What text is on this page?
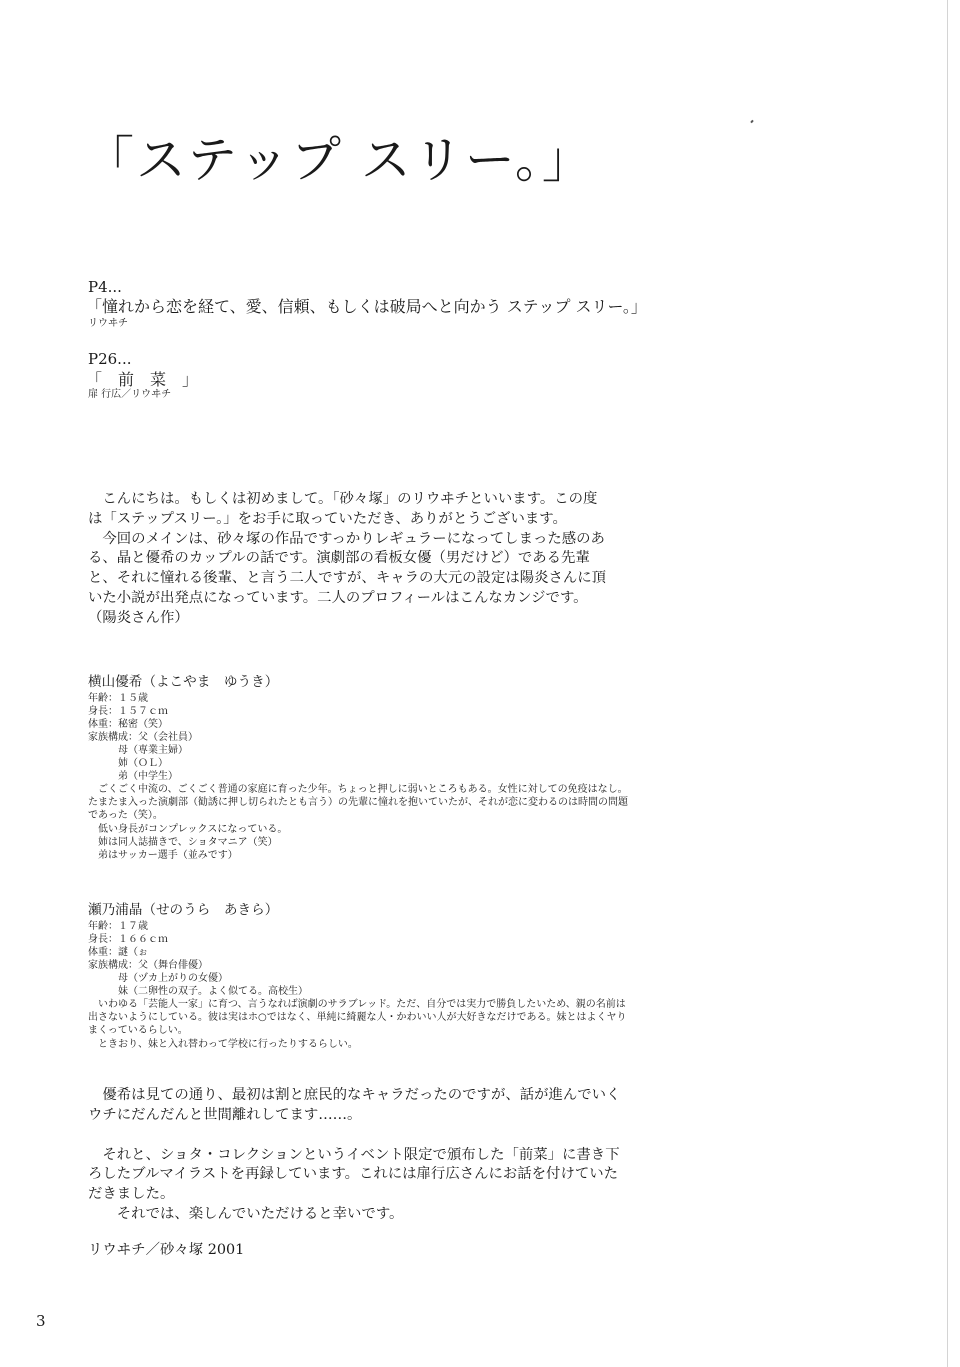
「ステップ スリー。」
P4...
「憧れから恋を経て、愛、信頼、もしくは破局へと向かう ステップ スリー。」
リウヰチ
P26...
「　前　菜　」
扉 行広／リウヰチ

　こんにちは。もしくは初めまして。「砂々塚」のリウヰチといいます。この度は「ステップスリー。」をお手に取っていただき、ありがとうございます。

　今回のメインは、砂々塚の作品ですっかりレギュラーになってしまった感のある、晶と優希のカップルの話です。演劇部の看板女優（男だけど）である先輩と、それに憧れる後輩、と言う二人ですが、キャラの大元の設定は陽炎さんに頂いた小説が出発点になっています。二人のプロフィールはこんなカンジです。（陽炎さん作）

横山優希（よこやま　ゆうき）
年齢：１５歳
身長：１５７ｃｍ
体重：秘密（笑）
家族構成：父（会社員）
母（専業主婦）
姉（ＯＬ）
弟（中学生）

　ごくごく中流の、ごくごく普通の家庭に育った少年。ちょっと押しに弱いところもある。女性に対しての免疫はなし。たまたま入った演劇部（勧誘に押し切られたとも言う）の先輩に憧れを抱いていたが、それが恋に変わるのは時間の問題であった（笑）。

　低い身長がコンプレックスになっている。

　姉は同人誌描きで、ショタマニア（笑）

　弟はサッカー選手（並みです）

瀬乃浦晶（せのうら　あきら）
年齢：１７歳
身長：１６６ｃｍ
体重：謎（ぉ
家族構成：父（舞台俳優）
母（ヅカ上がりの女優）
妹（二卵性の双子。よく似てる。高校生）

　いわゆる「芸能人一家」に育つ、言うなれば演劇のサラブレッド。ただ、自分では実力で勝負したいため、親の名前は出さないようにしている。彼は実はホ○ではなく、単純に綺麗な人・かわいい人が大好きなだけである。妹とはよくヤりまくっているらしい。

　ときおり、妹と入れ替わって学校に行ったりするらしい。

　優希は見ての通り、最初は割と庶民的なキャラだったのですが、話が進んでいくウチにだんだんと世間離れしてます……。

　それと、ショタ・コレクションというイベント限定で頒布した「前菜」に書き下ろしたブルマイラストを再録しています。これには扉行広さんにお話を付けていただきました。

　　それでは、楽しんでいただけると幸いです。

リウヰチ／砂々塚 2001
3
